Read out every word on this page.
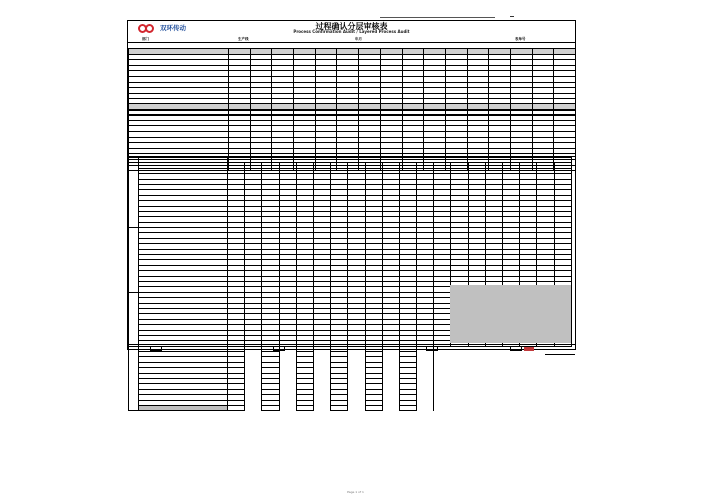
双环传动	过程确认分层审核表
Process Confirmation Audit / Layered Process Audit
部门	生产线	年月	表单号

Page 1 of 1
